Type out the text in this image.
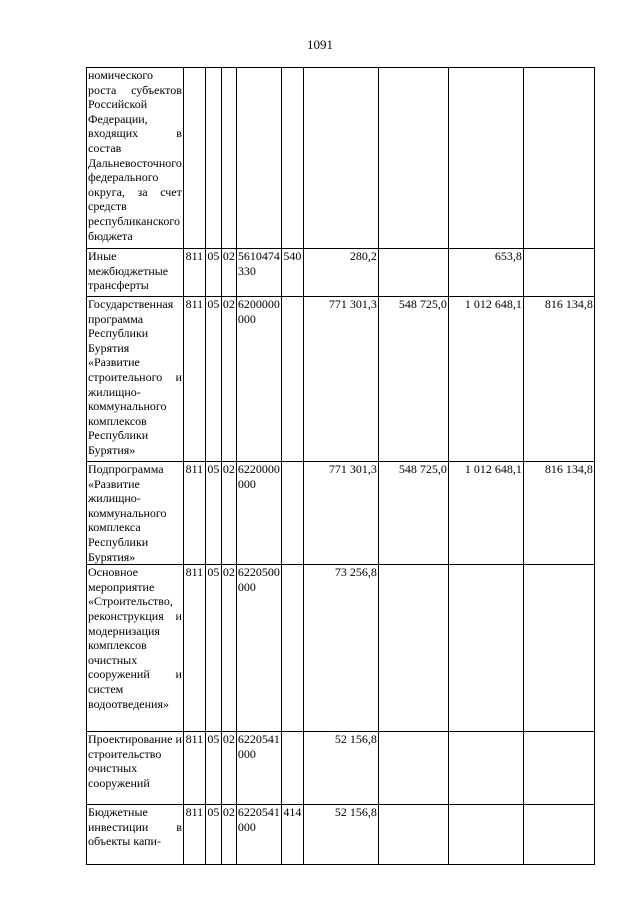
1091
номического роста субъектов Российской Федерации, входящих в состав Дальневосточного федерального округа, за счет средств республиканского бюджета									
Иные межбюджетные трансферты	811	05	02	5610474330	540	280,2		653,8	
Государственная программа Республики Бурятия «Развитие строительного и жилищно-коммунального комплексов Республики Бурятия»	811	05	02	6200000000		771 301,3	548 725,0	1 012 648,1	816 134,8
Подпрограмма «Развитие жилищно-коммунального комплекса Республики Бурятия»	811	05	02	6220000000		771 301,3	548 725,0	1 012 648,1	816 134,8
Основное мероприятие «Строительство, реконструкция и модернизация комплексов очистных сооружений и систем водоотведения»	811	05	02	6220500000		73 256,8			
Проектирование и строительство очистных сооружений	811	05	02	6220541000		52 156,8			
Бюджетные инвестиции в объекты капи-	811	05	02	6220541000	414	52 156,8			
